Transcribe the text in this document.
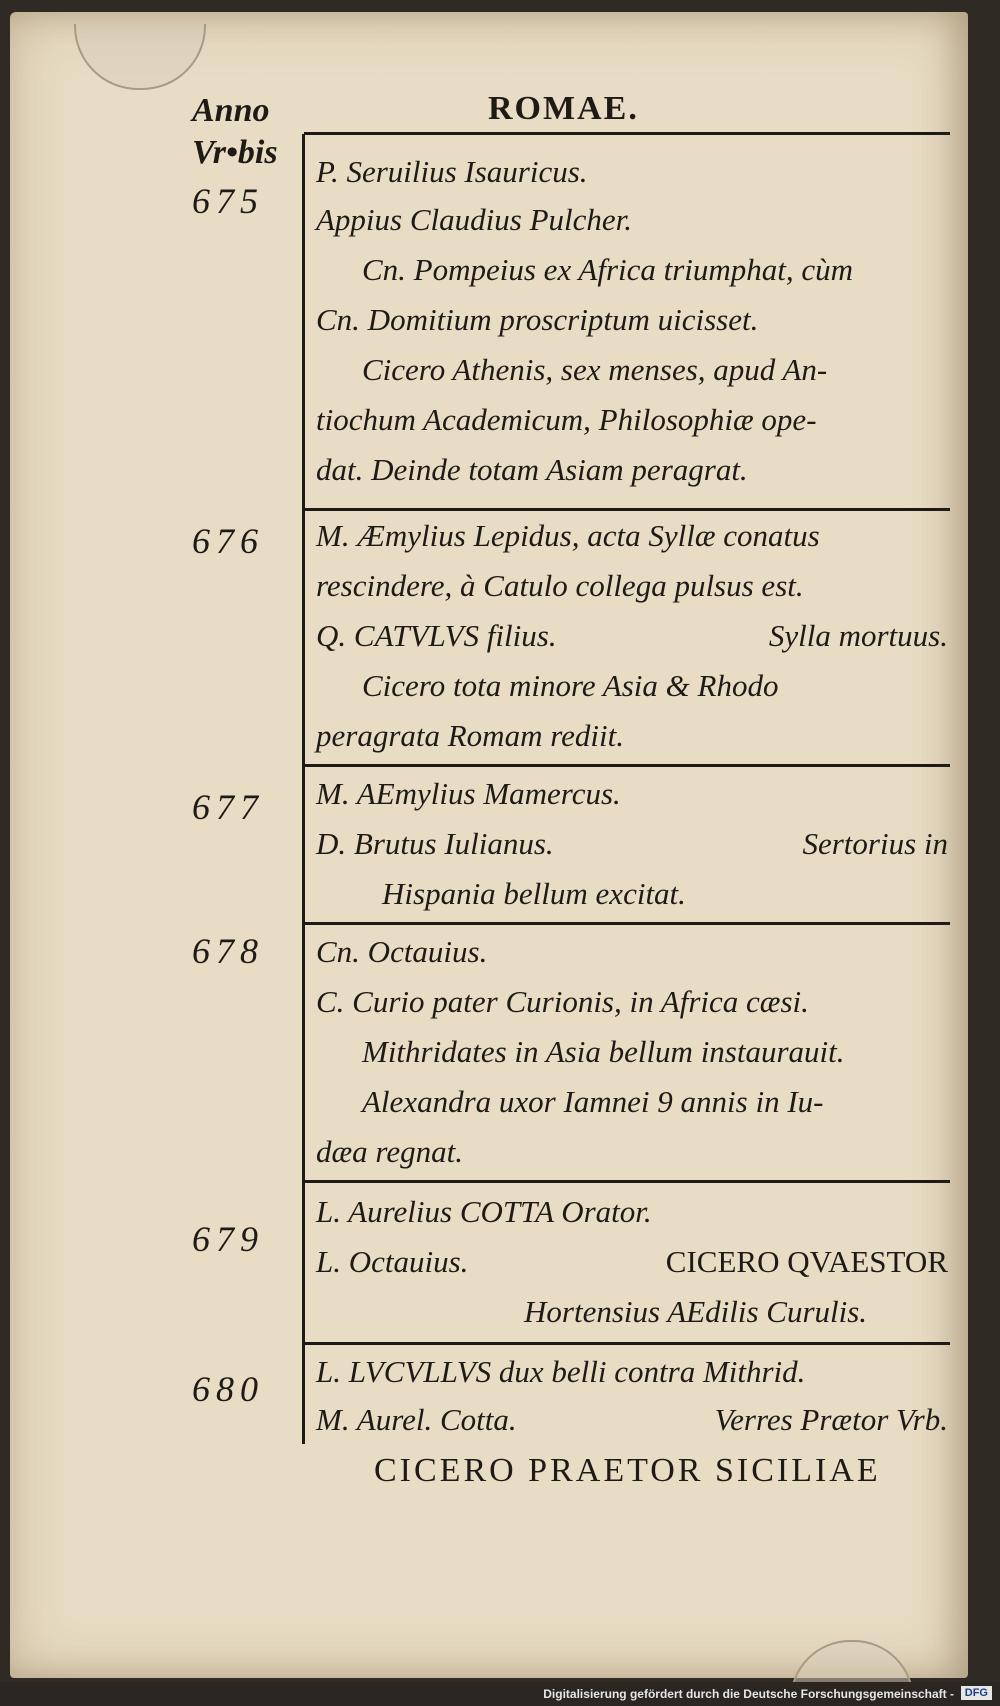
Anno
Vr•bis
ROMAE.
675
P. Seruilius Isauricus.
Appius Claudius Pulcher.
Cn. Pompeius ex Africa triumphat, cùm
Cn. Domitium proscriptum uicisset.
Cicero Athenis, sex menses, apud An-
tiochum Academicum, Philosophiæ ope-
dat. Deinde totam Asiam peragrat.
676 M. Æmylius Lepidus, acta Syllæ conatus
rescindere, à Catulo collega pulsus est.
Q. CATVLVS filius.	Sylla mortuus.
Cicero tota minore Asia & Rhodo
peragrata Romam rediit.
677 M. AEmylius Mamercus.
D. Brutus Iulianus.	Sertorius in
Hispania bellum excitat.
678 Cn. Octauius.
C. Curio pater Curionis, in Africa cæsi.
Mithridates in Asia bellum instaurauit.
Alexandra uxor Iamnei 9 annis in Iu-
dæa regnat.
679
L. Aurelius COTTA Orator.
L. Octauius.	CICERO QVAESTOR
Hortensius AEdilis Curulis.
680 L. LVCVLLVS dux belli contra Mithrid.
M. Aurel. Cotta.	Verres Prætor Vrb.
CICERO PRAETOR SICILIAE
Digitalisierung gefördert durch die Deutsche Forschungsgemeinschaft - DFG
